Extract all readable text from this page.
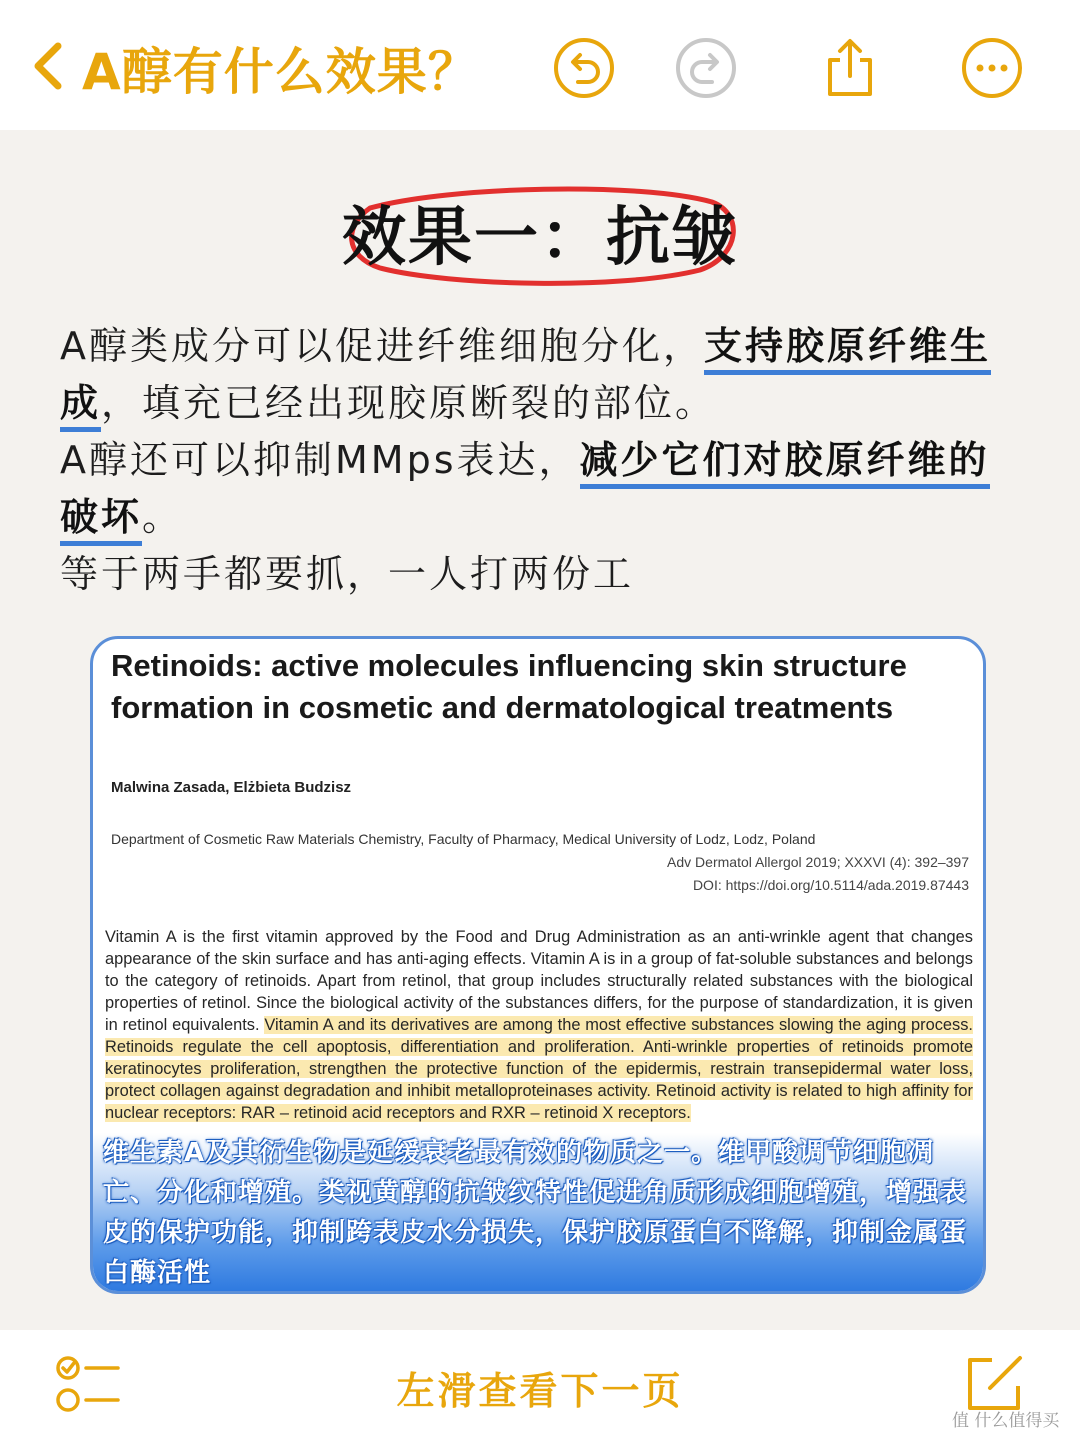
A醇有什么效果？
效果一：抗皱
A醇类成分可以促进纤维细胞分化，支持胶原纤维生成，填充已经出现胶原断裂的部位。
A醇还可以抑制MMps表达，减少它们对胶原纤维的破坏。
等于两手都要抓，一人打两份工
Retinoids: active molecules influencing skin structure formation in cosmetic and dermatological treatments
Malwina Zasada, Elżbieta Budzisz
Department of Cosmetic Raw Materials Chemistry, Faculty of Pharmacy, Medical University of Lodz, Lodz, Poland
Adv Dermatol Allergol 2019; XXXVI (4): 392–397
DOI: https://doi.org/10.5114/ada.2019.87443
Vitamin A is the first vitamin approved by the Food and Drug Administration as an anti-wrinkle agent that changes appearance of the skin surface and has anti-aging effects. Vitamin A is in a group of fat-soluble substances and belongs to the category of retinoids. Apart from retinol, that group includes structurally related substances with the biological properties of retinol. Since the biological activity of the substances differs, for the purpose of standardization, it is given in retinol equivalents. Vitamin A and its derivatives are among the most effective substances slowing the aging process. Retinoids regulate the cell apoptosis, differentiation and proliferation. Anti-wrinkle properties of retinoids promote keratinocytes proliferation, strengthen the protective function of the epidermis, restrain transepidermal water loss, protect collagen against degradation and inhibit metalloproteinases activity. Retinoid activity is related to high affinity for nuclear receptors: RAR – retinoid acid receptors and RXR – retinoid X receptors.
维生素A及其衍生物是延缓衰老最有效的物质之一。维甲酸调节细胞凋亡、分化和增殖。类视黄醇的抗皱纹特性促进角质形成细胞增殖，增强表皮的保护功能，抑制跨表皮水分损失，保护胶原蛋白不降解，抑制金属蛋白酶活性
左滑查看下一页
值 什么值得买
